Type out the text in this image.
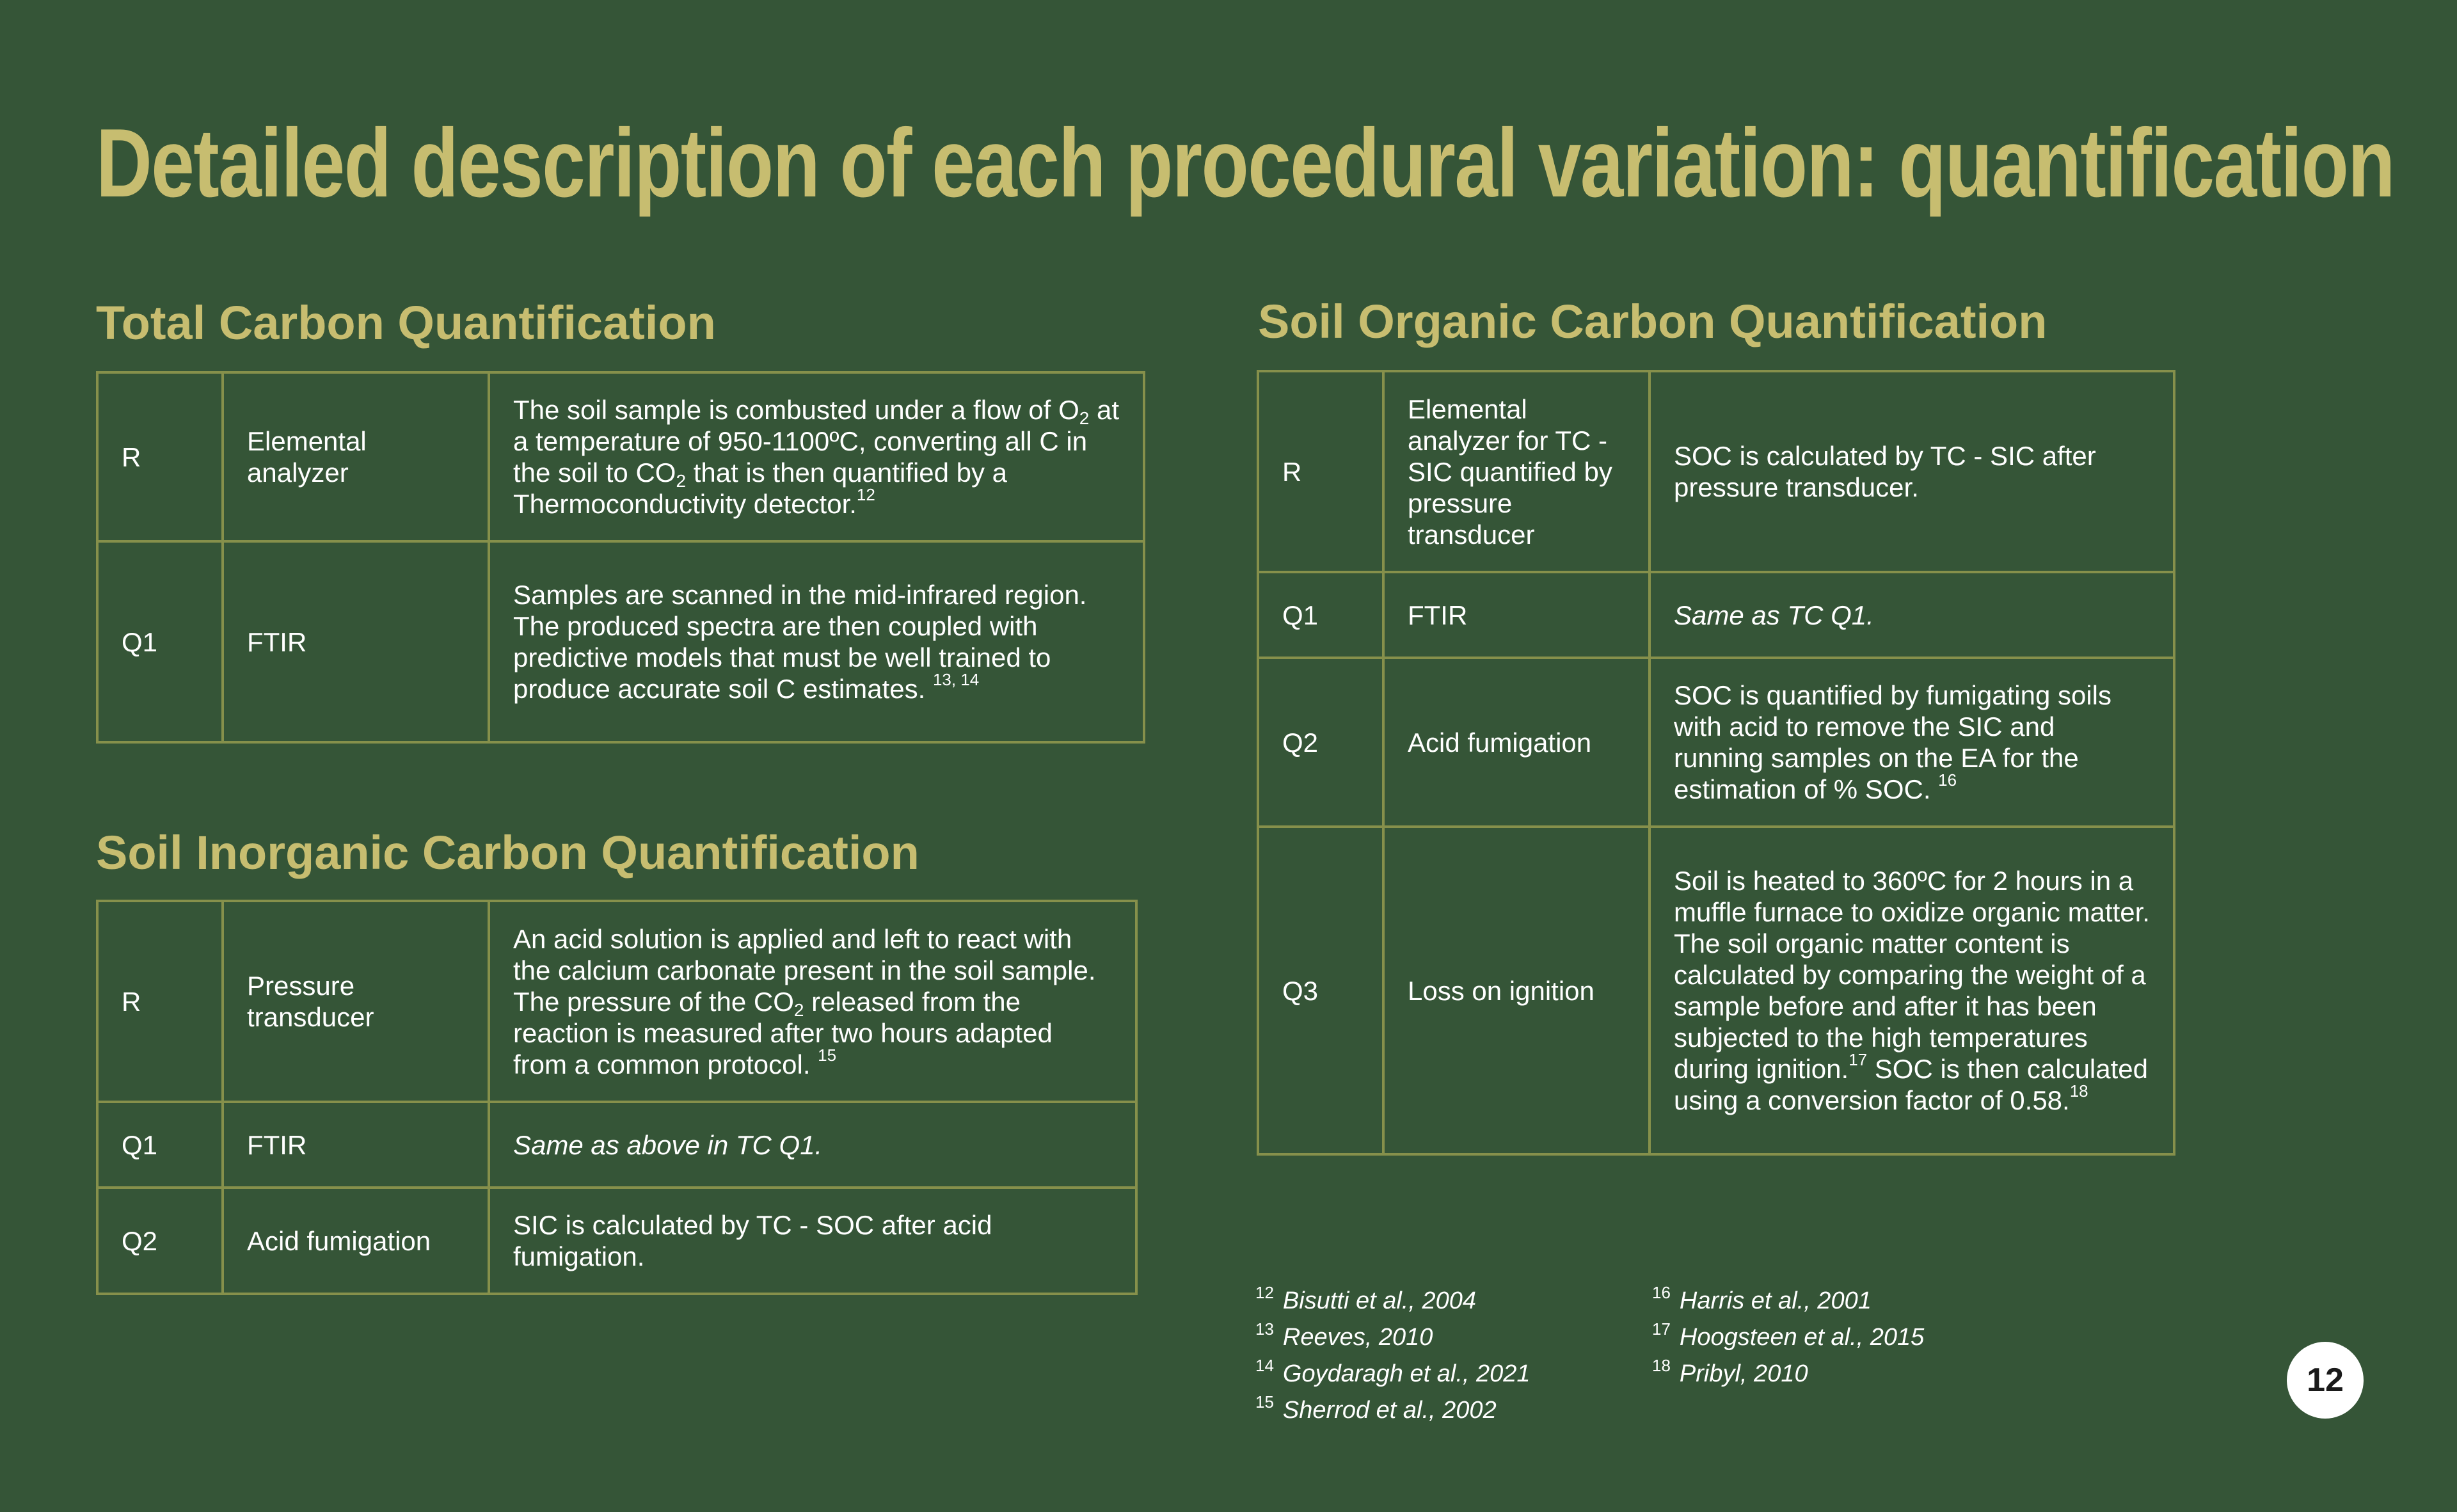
Detailed description of each procedural variation: quantification
Total Carbon Quantification
R	Elemental analyzer	The soil sample is combusted under a flow of $O_2$ at a temperature of 950-1100ºC, converting all C in the soil to $CO_2$ that is then quantified by a Thermoconductivity detector.$^{12}$
Q1	FTIR	Samples are scanned in the mid-infrared region. The produced spectra are then coupled with predictive models that must be well trained to produce accurate soil C estimates. $^{13, 14}$
Soil Inorganic Carbon Quantification
R	Pressure transducer	An acid solution is applied and left to react with the calcium carbonate present in the soil sample. The pressure of the $CO_2$ released from the reaction is measured after two hours adapted from a common protocol. $^{15}$
Q1	FTIR	Same as above in TC Q1.
Q2	Acid fumigation	SIC is calculated by TC - SOC after acid fumigation.
Soil Organic Carbon Quantification
R	Elemental analyzer for TC - SIC quantified by pressure transducer	SOC is calculated by TC - SIC after pressure transducer.
Q1	FTIR	Same as TC Q1.
Q2	Acid fumigation	SOC is quantified by fumigating soils with acid to remove the SIC and running samples on the EA for the estimation of % SOC. $^{16}$
Q3	Loss on ignition	Soil is heated to 360ºC for 2 hours in a muffle furnace to oxidize organic matter. The soil organic matter content is calculated by comparing the weight of a sample before and after it has been subjected to the high temperatures during ignition.$^{17}$ SOC is then calculated using a conversion factor of 0.58.18
$^{12}$ Bisutti et al., 2004
$^{13}$ Reeves, 2010
$^{14}$ Goydaragh et al., 2021
$^{15}$ Sherrod et al., 2002
$^{16}$ Harris et al., 2001
$^{17}$ Hoogsteen et al., 2015
$^{18}$ Pribyl, 2010	12
